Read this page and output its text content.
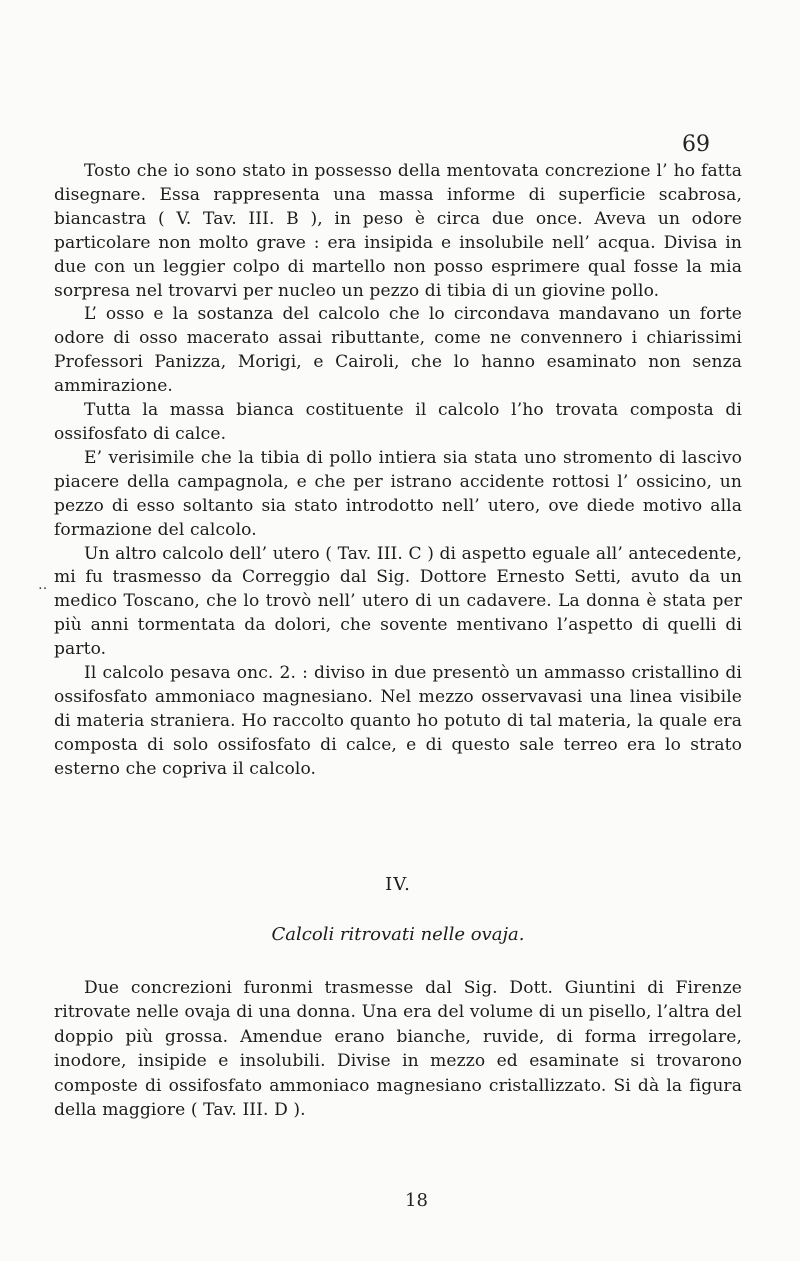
69

‥

Tosto che io sono stato in possesso della mentovata concrezione l’ ho fatta disegnare. Essa rappresenta una massa informe di superficie scabrosa, biancastra ( V. Tav. III. B ), in peso è circa due once. Aveva un odore particolare non molto grave : era insipida e insolubile nell’ acqua. Divisa in due con un leggier colpo di martello non posso esprimere qual fosse la mia sorpresa nel trovarvi per nucleo un pezzo di tibia di un giovine pollo.

L’ osso e la sostanza del calcolo che lo circondava mandavano un forte odore di osso macerato assai ributtante, come ne convennero i chiarissimi Professori Panizza, Morigi, e Cairoli, che lo hanno esaminato non senza ammirazione.

Tutta la massa bianca costituente il calcolo l’ho trovata composta di ossifosfato di calce.

E’ verisimile che la tibia di pollo intiera sia stata uno stromento di lascivo piacere della campagnola, e che per istrano accidente rottosi l’ ossicino, un pezzo di esso soltanto sia stato introdotto nell’ utero, ove diede motivo alla formazione del calcolo.

Un altro calcolo dell’ utero ( Tav. III. C ) di aspetto eguale all’ antecedente, mi fu trasmesso da Correggio dal Sig. Dottore Ernesto Setti, avuto da un medico Toscano, che lo trovò nell’ utero di un cadavere. La donna è stata per più anni tormentata da dolori, che sovente mentivano l’aspetto di quelli di parto.

Il calcolo pesava onc. 2. : diviso in due presentò un ammasso cristallino di ossifosfato ammoniaco magnesiano. Nel mezzo osservavasi una linea visibile di materia straniera. Ho raccolto quanto ho potuto di tal materia, la quale era composta di solo ossifosfato di calce, e di questo sale terreo era lo strato esterno che copriva il calcolo.

IV.

Calcoli ritrovati nelle ovaja.

Due concrezioni furonmi trasmesse dal Sig. Dott. Giuntini di Firenze ritrovate nelle ovaja di una donna. Una era del volume di un pisello, l’altra del doppio più grossa. Amendue erano bianche, ruvide, di forma irregolare, inodore, insipide e insolubili. Divise in mezzo ed esaminate si trovarono composte di ossifosfato ammoniaco magnesiano cristallizzato. Si dà la figura della maggiore ( Tav. III. D ).

18
